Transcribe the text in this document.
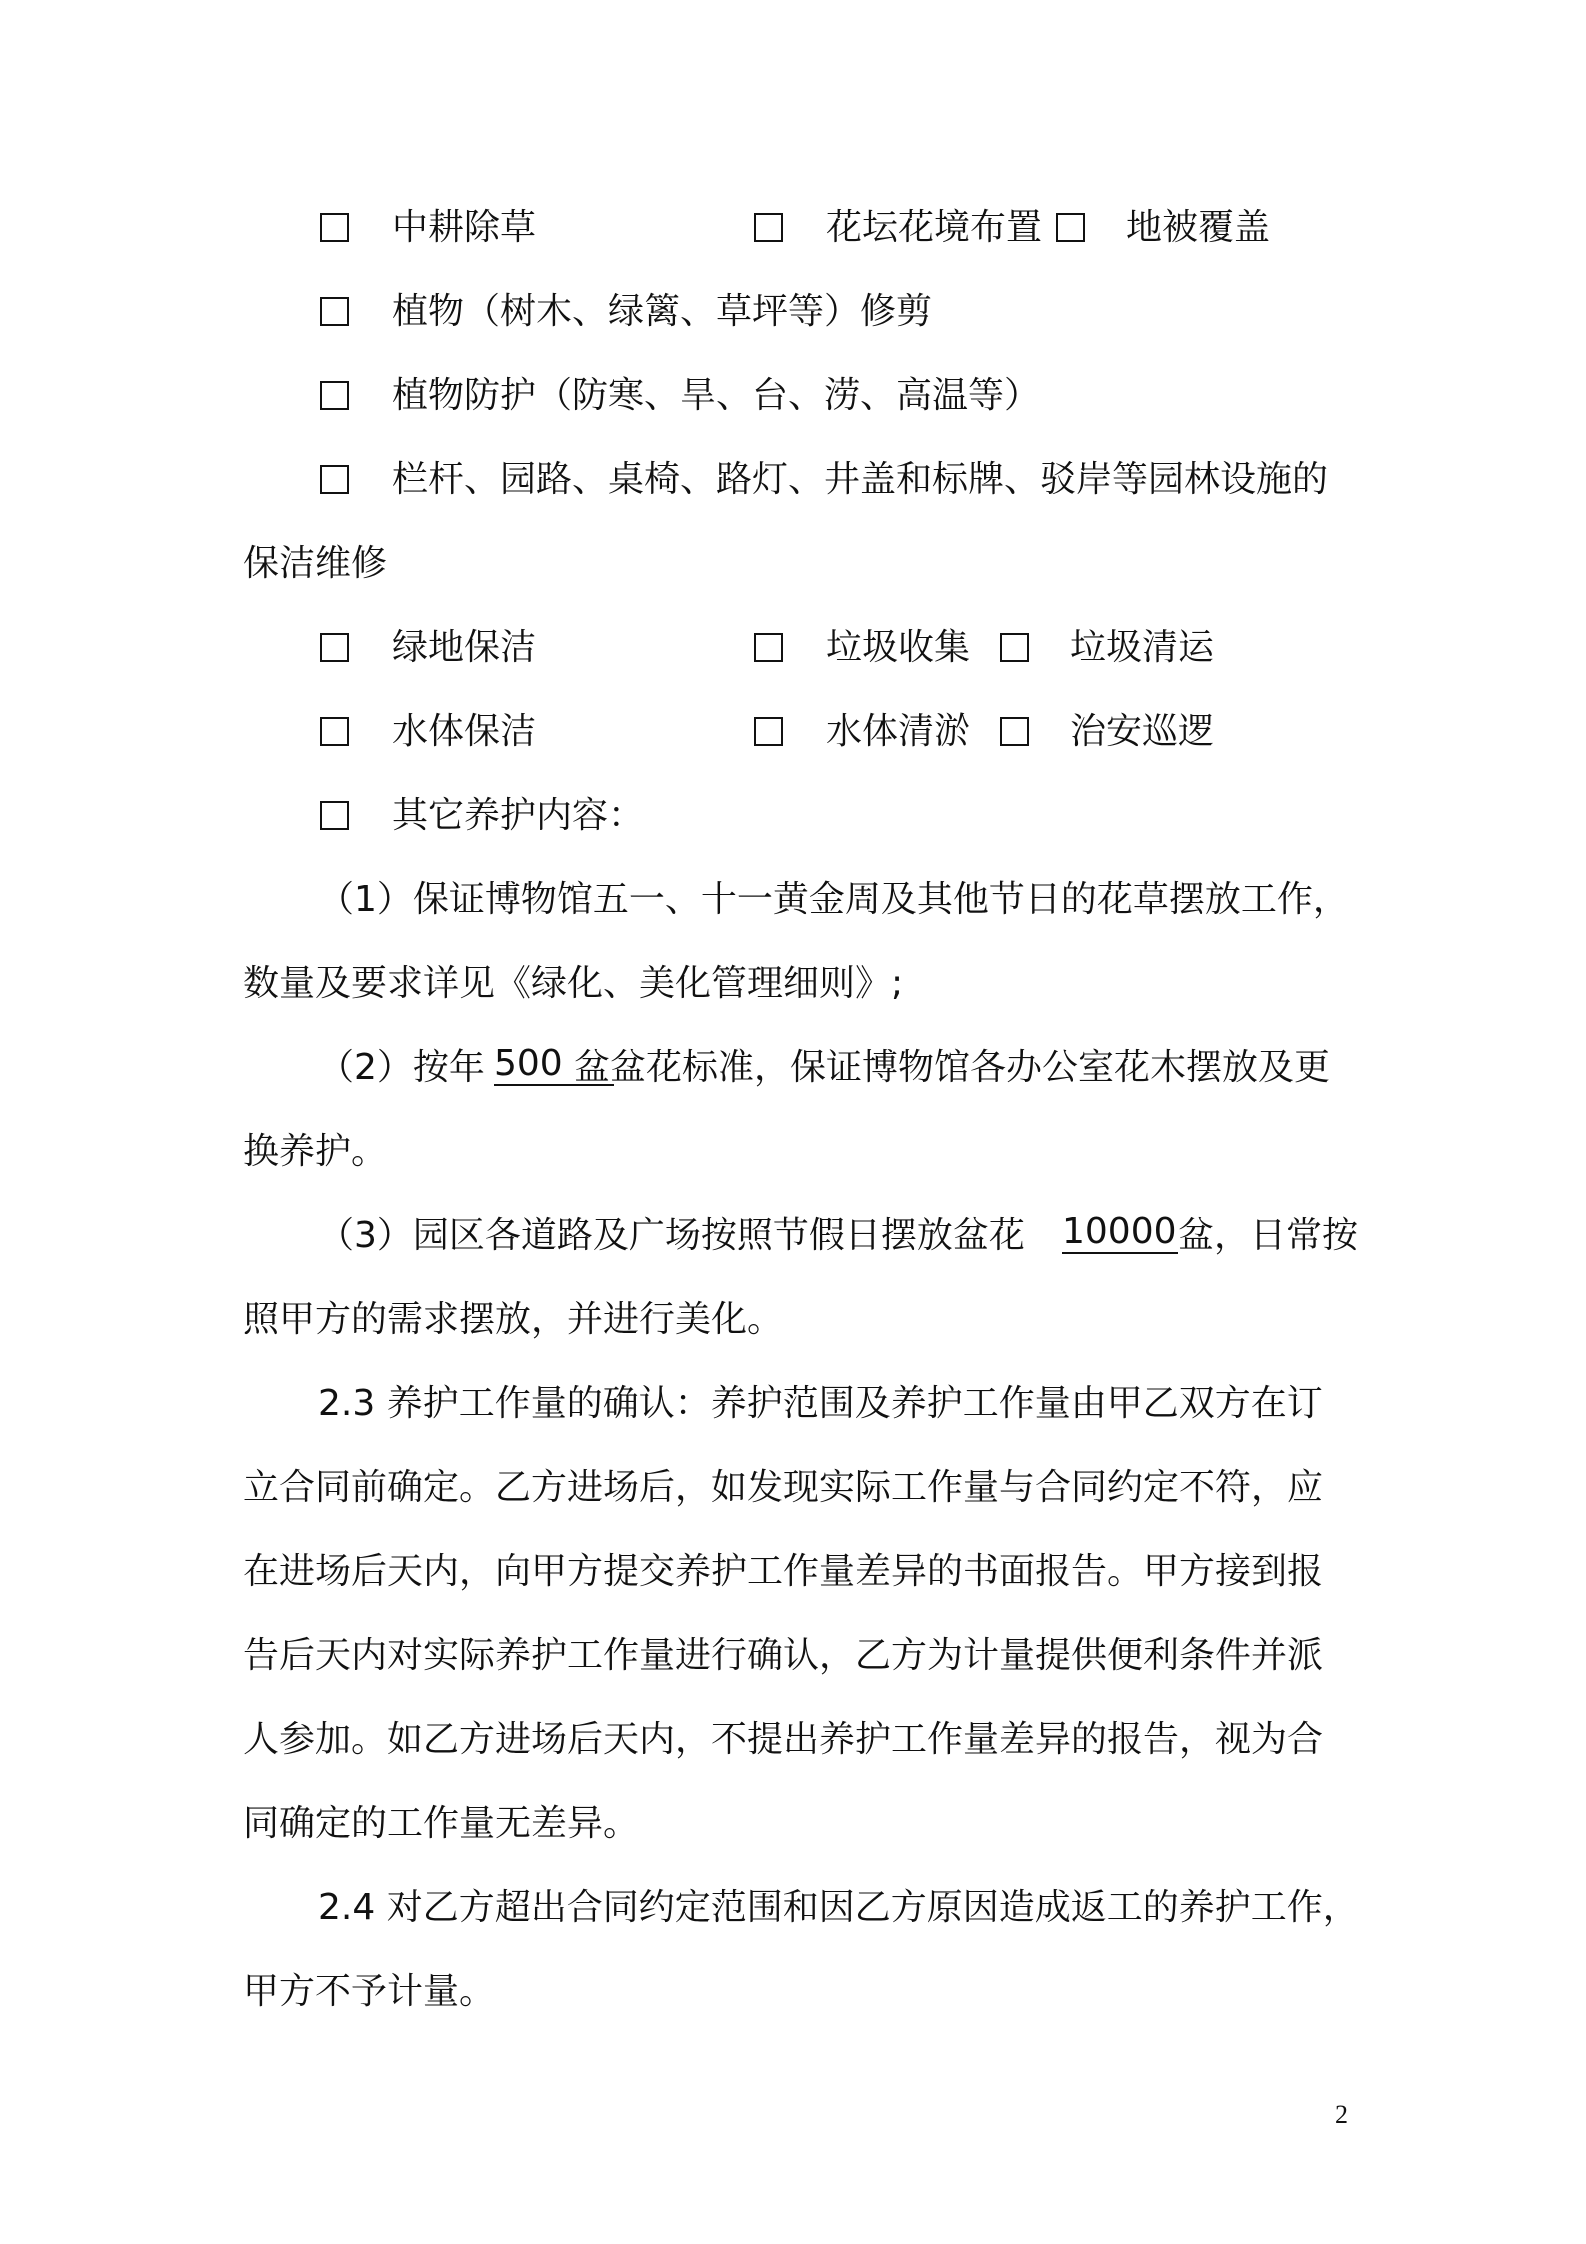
中耕除草	花坛花境布置 地被覆盖
植物（树木、绿篱、草坪等）修剪
植物防护（防寒、旱、台、涝、高温等）
栏杆、园路、桌椅、路灯、井盖和标牌、驳岸等园林设施的
保洁维修
绿地保洁	垃圾收集	垃圾清运
水体保洁	水体清淤	治安巡逻
其它养护内容：
（1）保证博物馆五一、十一黄金周及其他节日的花草摆放工作，
数量及要求详见《绿化、美化管理细则》;
（2）按年 500 盆盆花标准，保证博物馆各办公室花木摆放及更
换养护。
（3）园区各道路及广场按照节假日摆放盆花 10000 盆，日常按
照甲方的需求摆放，并进行美化。
2.3 养护工作量的确认：养护范围及养护工作量由甲乙双方在订
立合同前确定。乙方进场后，如发现实际工作量与合同约定不符，应
在进场后天内，向甲方提交养护工作量差异的书面报告。甲方接到报
告后天内对实际养护工作量进行确认，乙方为计量提供便利条件并派
人参加。如乙方进场后天内，不提出养护工作量差异的报告，视为合
同确定的工作量无差异。
2.4 对乙方超出合同约定范围和因乙方原因造成返工的养护工作，
甲方不予计量。
2
